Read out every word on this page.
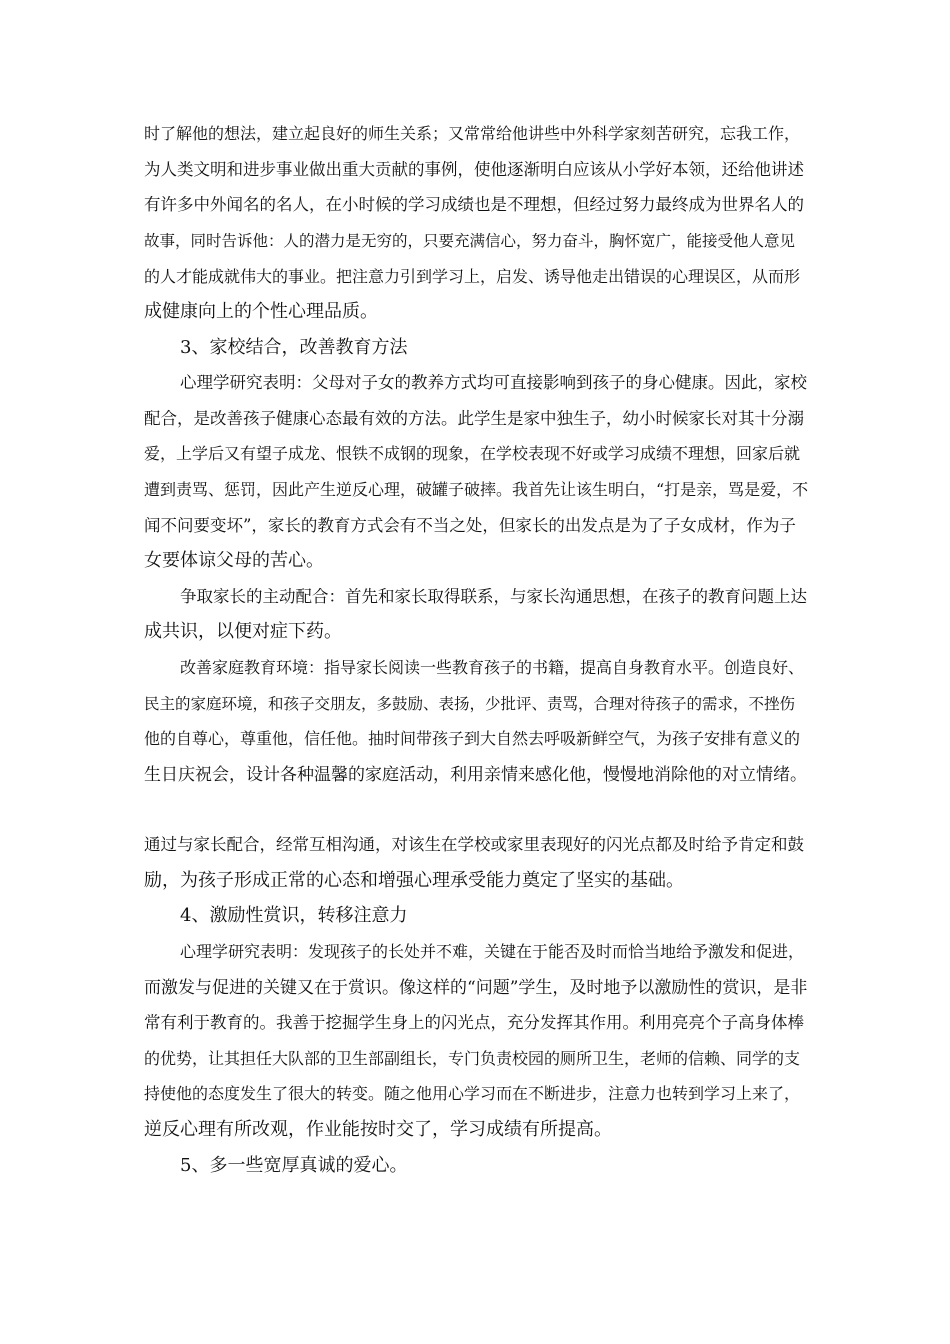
时了解他的想法，建立起良好的师生关系；又常常给他讲些中外科学家刻苦研究，忘我工作，

为人类文明和进步事业做出重大贡献的事例，使他逐渐明白应该从小学好本领，还给他讲述

有许多中外闻名的名人，在小时候的学习成绩也是不理想，但经过努力最终成为世界名人的

故事，同时告诉他：人的潜力是无穷的，只要充满信心，努力奋斗，胸怀宽广，能接受他人意见

的人才能成就伟大的事业。把注意力引到学习上，启发、诱导他走出错误的心理误区，从而形

成健康向上的个性心理品质。

3、家校结合，改善教育方法

心理学研究表明：父母对子女的教养方式均可直接影响到孩子的身心健康。因此，家校

配合，是改善孩子健康心态最有效的方法。此学生是家中独生子，幼小时候家长对其十分溺

爱，上学后又有望子成龙、恨铁不成钢的现象，在学校表现不好或学习成绩不理想，回家后就

遭到责骂、惩罚，因此产生逆反心理，破罐子破摔。我首先让该生明白，“打是亲，骂是爱，不

闻不问要变坏”，家长的教育方式会有不当之处，但家长的出发点是为了子女成材，作为子

女要体谅父母的苦心。

争取家长的主动配合：首先和家长取得联系，与家长沟通思想，在孩子的教育问题上达

成共识，以便对症下药。

改善家庭教育环境：指导家长阅读一些教育孩子的书籍，提高自身教育水平。创造良好、

民主的家庭环境，和孩子交朋友，多鼓励、表扬，少批评、责骂，合理对待孩子的需求，不挫伤

他的自尊心，尊重他，信任他。抽时间带孩子到大自然去呼吸新鲜空气，为孩子安排有意义的

生日庆祝会，设计各种温馨的家庭活动，利用亲情来感化他，慢慢地消除他的对立情绪。

通过与家长配合，经常互相沟通，对该生在学校或家里表现好的闪光点都及时给予肯定和鼓

励，为孩子形成正常的心态和增强心理承受能力奠定了坚实的基础。

4、激励性赏识，转移注意力

心理学研究表明：发现孩子的长处并不难，关键在于能否及时而恰当地给予激发和促进，

而激发与促进的关键又在于赏识。像这样的“问题”学生，及时地予以激励性的赏识，是非

常有利于教育的。我善于挖掘学生身上的闪光点，充分发挥其作用。利用亮亮个子高身体棒

的优势，让其担任大队部的卫生部副组长，专门负责校园的厕所卫生，老师的信赖、同学的支

持使他的态度发生了很大的转变。随之他用心学习而在不断进步，注意力也转到学习上来了，

逆反心理有所改观，作业能按时交了，学习成绩有所提高。

5、多一些宽厚真诚的爱心。
